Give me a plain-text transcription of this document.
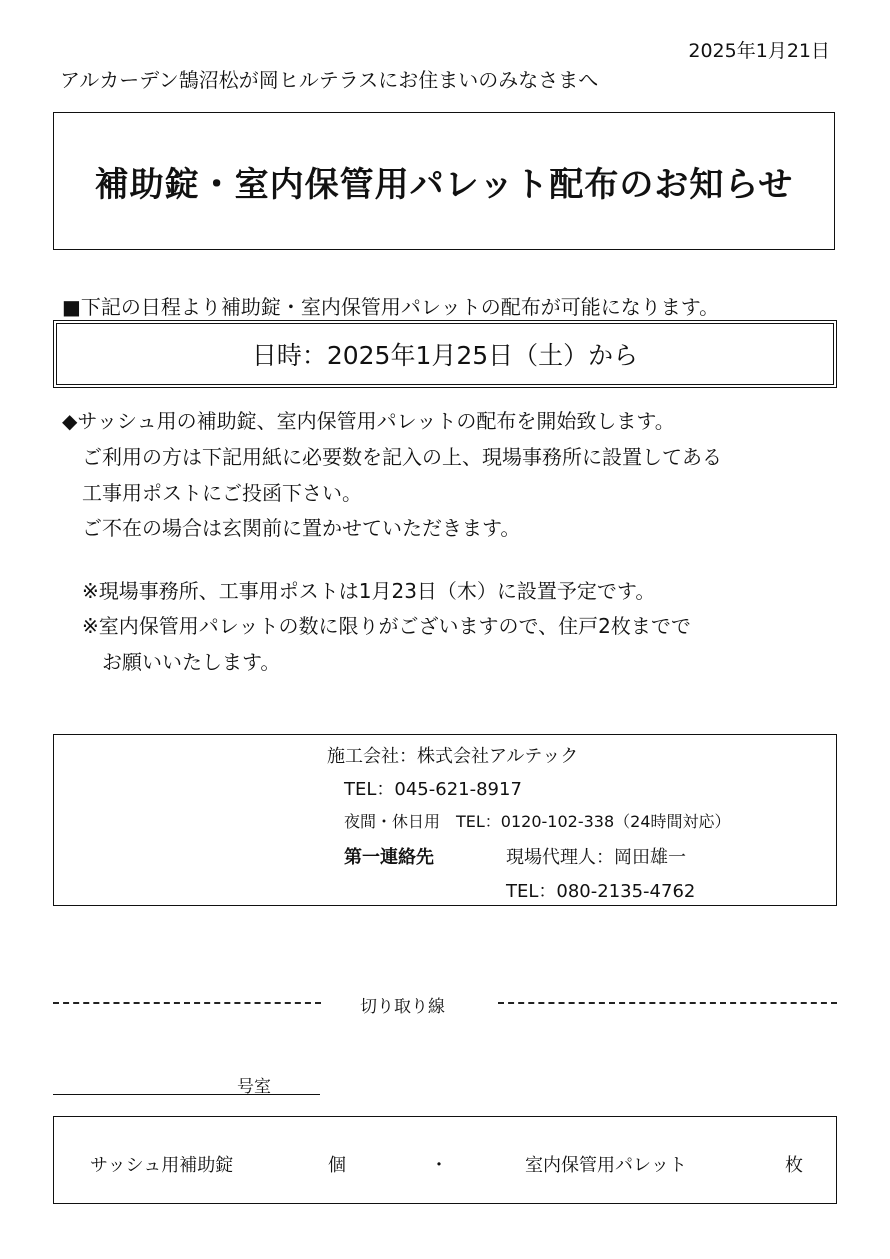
2025年1月21日
アルカーデン鵠沼松が岡ヒルテラスにお住まいのみなさまへ
補助錠・室内保管用パレット配布のお知らせ
■下記の日程より補助錠・室内保管用パレットの配布が可能になります。
日時：2025年1月25日（土）から
◆サッシュ用の補助錠、室内保管用パレットの配布を開始致します。
ご利用の方は下記用紙に必要数を記入の上、現場事務所に設置してある
工事用ポストにご投函下さい。
ご不在の場合は玄関前に置かせていただきます。
※現場事務所、工事用ポストは1月23日（木）に設置予定です。
※室内保管用パレットの数に限りがございますので、住戸2枚までで
お願いいたします。
施工会社：株式会社アルテック
TEL：045-621-8917
夜間・休日用　TEL：0120-102-338（24時間対応）
第一連絡先	現場代理人：岡田雄一
TEL：080-2135-4762
切り取り線
号室
サッシュ用補助錠	個	・	室内保管用パレット	枚
